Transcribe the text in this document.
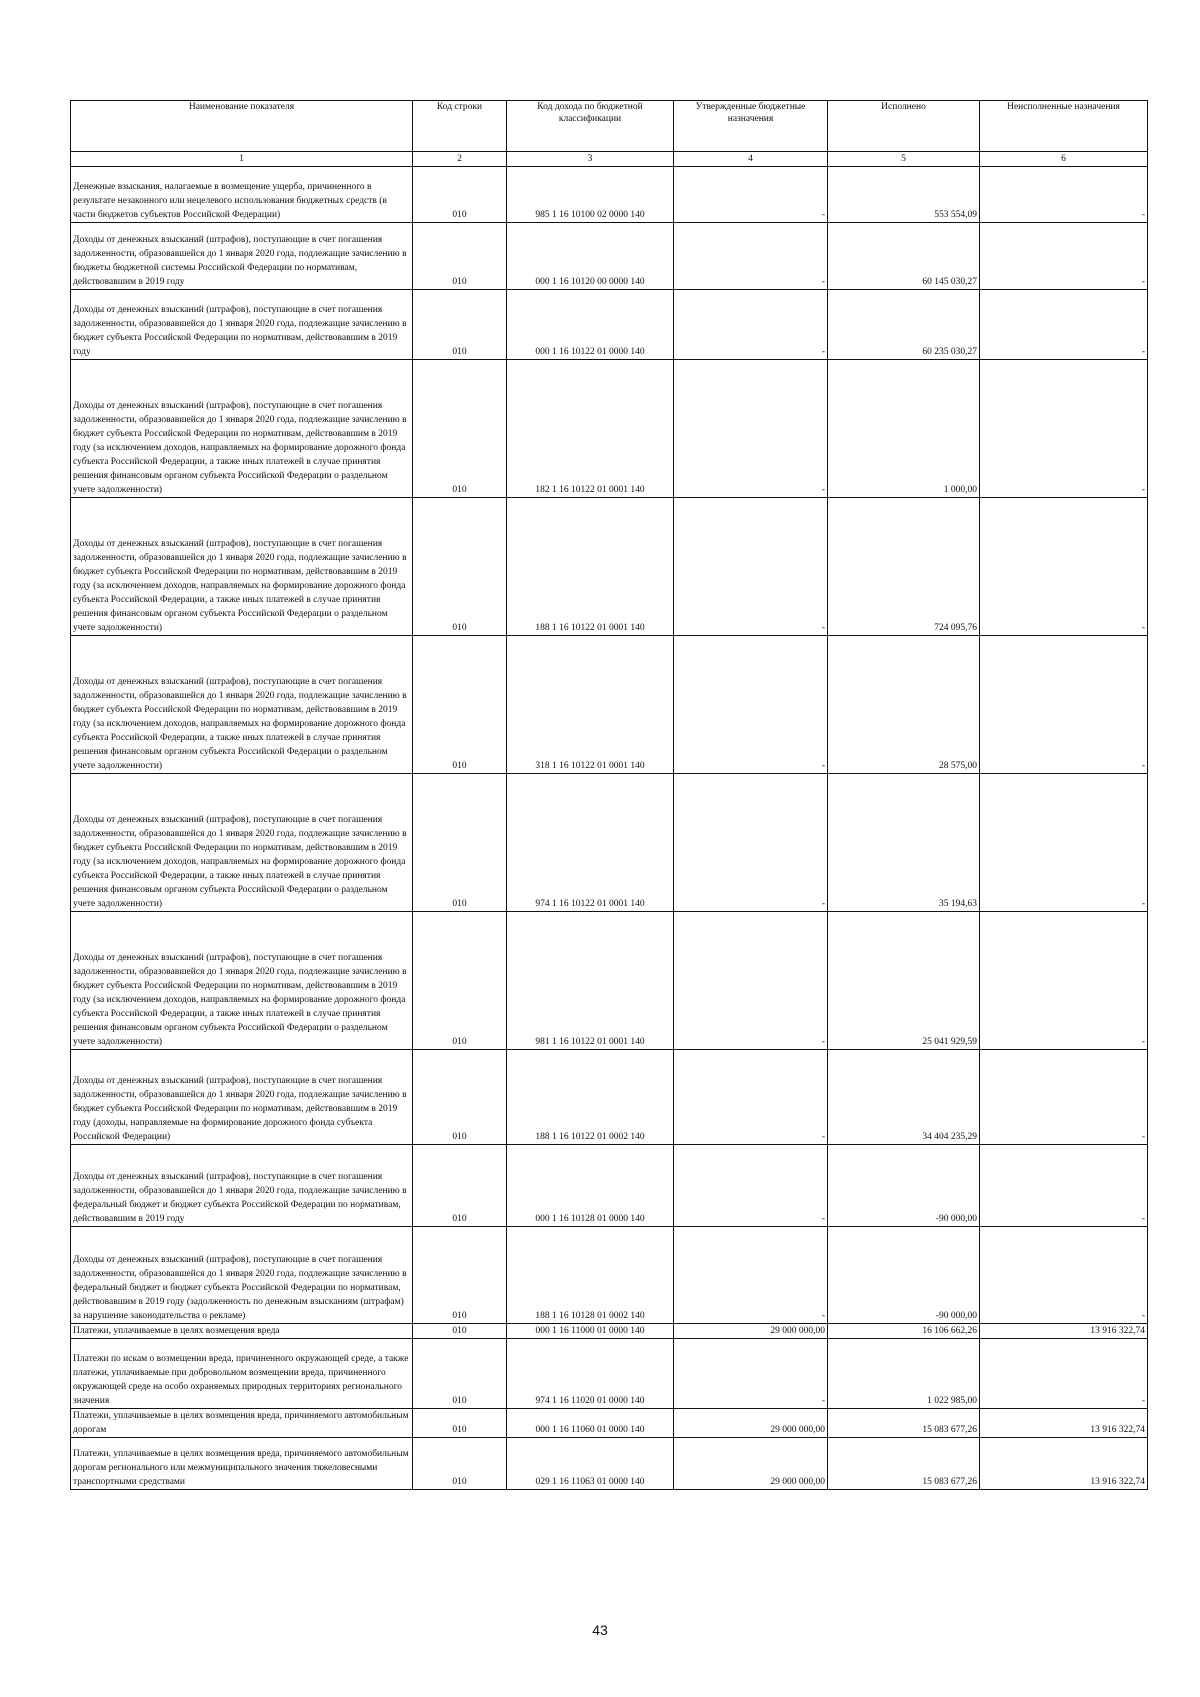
Наименование показателя	Код строки	Код дохода по бюджетной классификации	Утвержденные бюджетные назначения	Исполнено	Неисполненные назначения
1	2	3	4	5	6
Денежные взыскания, налагаемые в возмещение ущерба, причиненного в результате незаконного или нецелевого использования бюджетных средств (в части бюджетов субъектов Российской Федерации)	010	985 1 16 10100 02 0000 140	-	553 554,09	-
Доходы от денежных взысканий (штрафов), поступающие в счет погашения задолженности, образовавшейся до 1 января 2020 года, подлежащие зачислению в бюджеты бюджетной системы Российской Федерации по нормативам, действовавшим в 2019 году	010	000 1 16 10120 00 0000 140	-	60 145 030,27	-
Доходы от денежных взысканий (штрафов), поступающие в счет погашения задолженности, образовавшейся до 1 января 2020 года, подлежащие зачислению в бюджет субъекта Российской Федерации по нормативам, действовавшим в 2019 году	010	000 1 16 10122 01 0000 140	-	60 235 030,27	-
Доходы от денежных взысканий (штрафов), поступающие в счет погашения задолженности, образовавшейся до 1 января 2020 года, подлежащие зачислению в бюджет субъекта Российской Федерации по нормативам, действовавшим в 2019 году (за исключением доходов, направляемых на формирование дорожного фонда субъекта Российской Федерации, а также иных платежей в случае принятия решения финансовым органом субъекта Российской Федерации о раздельном учете задолженности)	010	182 1 16 10122 01 0001 140	-	1 000,00	-
Доходы от денежных взысканий (штрафов), поступающие в счет погашения задолженности, образовавшейся до 1 января 2020 года, подлежащие зачислению в бюджет субъекта Российской Федерации по нормативам, действовавшим в 2019 году (за исключением доходов, направляемых на формирование дорожного фонда субъекта Российской Федерации, а также иных платежей в случае принятия решения финансовым органом субъекта Российской Федерации о раздельном учете задолженности)	010	188 1 16 10122 01 0001 140	-	724 095,76	-
Доходы от денежных взысканий (штрафов), поступающие в счет погашения задолженности, образовавшейся до 1 января 2020 года, подлежащие зачислению в бюджет субъекта Российской Федерации по нормативам, действовавшим в 2019 году (за исключением доходов, направляемых на формирование дорожного фонда субъекта Российской Федерации, а также иных платежей в случае принятия решения финансовым органом субъекта Российской Федерации о раздельном учете задолженности)	010	318 1 16 10122 01 0001 140	-	28 575,00	-
Доходы от денежных взысканий (штрафов), поступающие в счет погашения задолженности, образовавшейся до 1 января 2020 года, подлежащие зачислению в бюджет субъекта Российской Федерации по нормативам, действовавшим в 2019 году (за исключением доходов, направляемых на формирование дорожного фонда субъекта Российской Федерации, а также иных платежей в случае принятия решения финансовым органом субъекта Российской Федерации о раздельном учете задолженности)	010	974 1 16 10122 01 0001 140	-	35 194,63	-
Доходы от денежных взысканий (штрафов), поступающие в счет погашения задолженности, образовавшейся до 1 января 2020 года, подлежащие зачислению в бюджет субъекта Российской Федерации по нормативам, действовавшим в 2019 году (за исключением доходов, направляемых на формирование дорожного фонда субъекта Российской Федерации, а также иных платежей в случае принятия решения финансовым органом субъекта Российской Федерации о раздельном учете задолженности)	010	981 1 16 10122 01 0001 140	-	25 041 929,59	-
Доходы от денежных взысканий (штрафов), поступающие в счет погашения задолженности, образовавшейся до 1 января 2020 года, подлежащие зачислению в бюджет субъекта Российской Федерации по нормативам, действовавшим в 2019 году (доходы, направляемые на формирование дорожного фонда субъекта Российской Федерации)	010	188 1 16 10122 01 0002 140	-	34 404 235,29	-
Доходы от денежных взысканий (штрафов), поступающие в счет погашения задолженности, образовавшейся до 1 января 2020 года, подлежащие зачислению в федеральный бюджет и бюджет субъекта Российской Федерации по нормативам, действовавшим в 2019 году	010	000 1 16 10128 01 0000 140	-	-90 000,00	-
Доходы от денежных взысканий (штрафов), поступающие в счет погашения задолженности, образовавшейся до 1 января 2020 года, подлежащие зачислению в федеральный бюджет и бюджет субъекта Российской Федерации по нормативам, действовавшим в 2019 году (задолженность по денежным взысканиям (штрафам) за нарушение законодательства о рекламе)	010	188 1 16 10128 01 0002 140	-	-90 000,00	-
Платежи, уплачиваемые в целях возмещения вреда	010	000 1 16 11000 01 0000 140	29 000 000,00	16 106 662,26	13 916 322,74
Платежи по искам о возмещении вреда, причиненного окружающей среде, а также платежи, уплачиваемые при добровольном возмещении вреда, причиненного окружающей среде на особо охраняемых природных территориях регионального значения	010	974 1 16 11020 01 0000 140	-	1 022 985,00	-
Платежи, уплачиваемые в целях возмещения вреда, причиняемого автомобильным дорогам	010	000 1 16 11060 01 0000 140	29 000 000,00	15 083 677,26	13 916 322,74
Платежи, уплачиваемые в целях возмещения вреда, причиняемого автомобильным дорогам регионального или межмуниципального значения тяжеловесными транспортными средствами	010	029 1 16 11063 01 0000 140	29 000 000,00	15 083 677,26	13 916 322,74
43
